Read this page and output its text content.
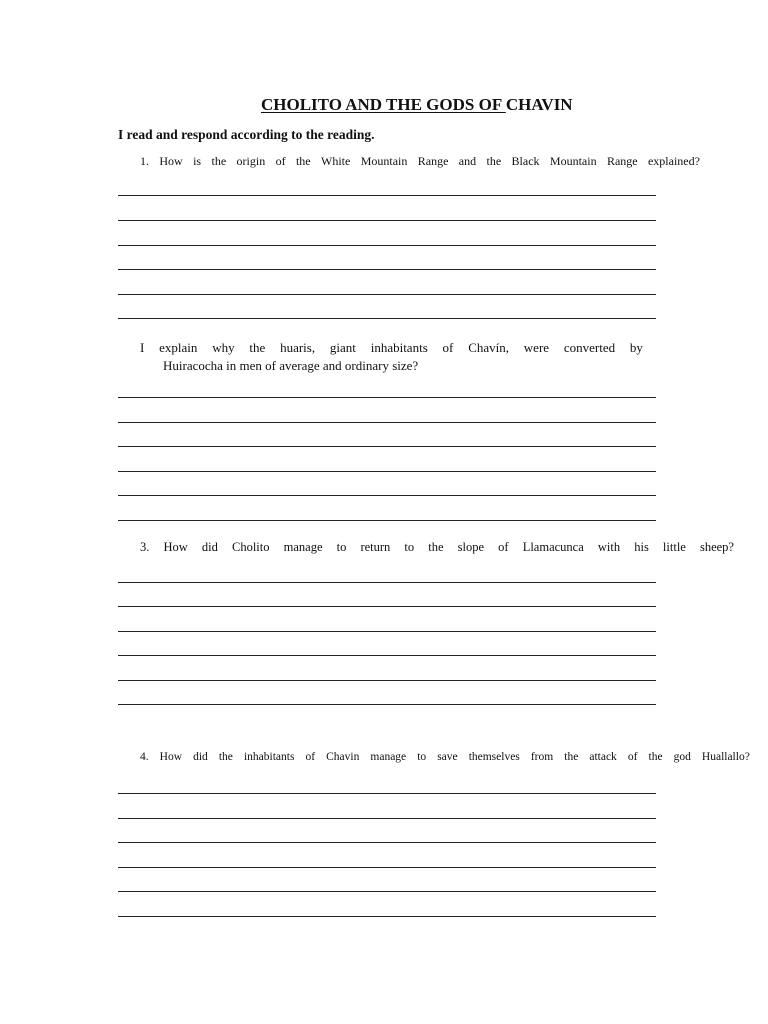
CHOLITO AND THE GODS OF CHAVIN
I read and respond according to the reading.
1. How is the origin of the White Mountain Range and the Black Mountain Range explained?
I explain why the huaris, giant inhabitants of Chavín, were converted by
Huiracocha in men of average and ordinary size?
3. How did Cholito manage to return to the slope of Llamacunca with his little sheep?
4. How did the inhabitants of Chavin manage to save themselves from the attack of the god Huallallo?
